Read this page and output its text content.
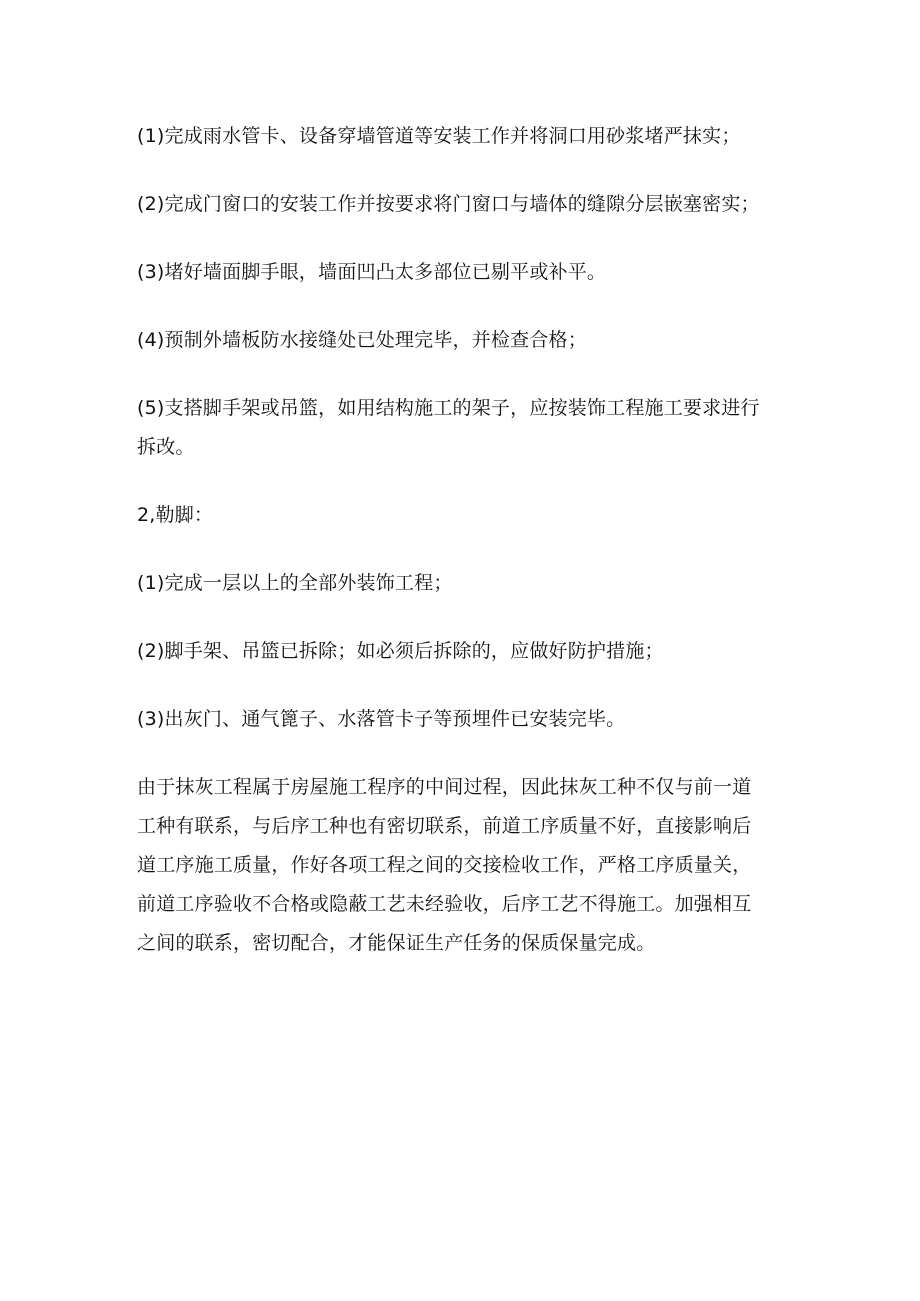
(1)完成雨水管卡、设备穿墙管道等安装工作并将洞口用砂浆堵严抹实；

(2)完成门窗口的安装工作并按要求将门窗口与墙体的缝隙分层嵌塞密实；

(3)堵好墙面脚手眼，墙面凹凸太多部位已剔平或补平。

(4)预制外墙板防水接缝处已处理完毕，并检查合格；

(5)支搭脚手架或吊篮，如用结构施工的架子，应按装饰工程施工要求进行

拆改。

2,勒脚：

(1)完成一层以上的全部外装饰工程；

(2)脚手架、吊篮已拆除；如必须后拆除的，应做好防护措施；

(3)出灰门、通气篦子、水落管卡子等预埋件已安装完毕。

由于抹灰工程属于房屋施工程序的中间过程，因此抹灰工种不仅与前一道

工种有联系，与后序工种也有密切联系，前道工序质量不好，直接影响后

道工序施工质量，作好各项工程之间的交接检收工作，严格工序质量关，

前道工序验收不合格或隐蔽工艺未经验收，后序工艺不得施工。加强相互

之间的联系，密切配合，才能保证生产任务的保质保量完成。
